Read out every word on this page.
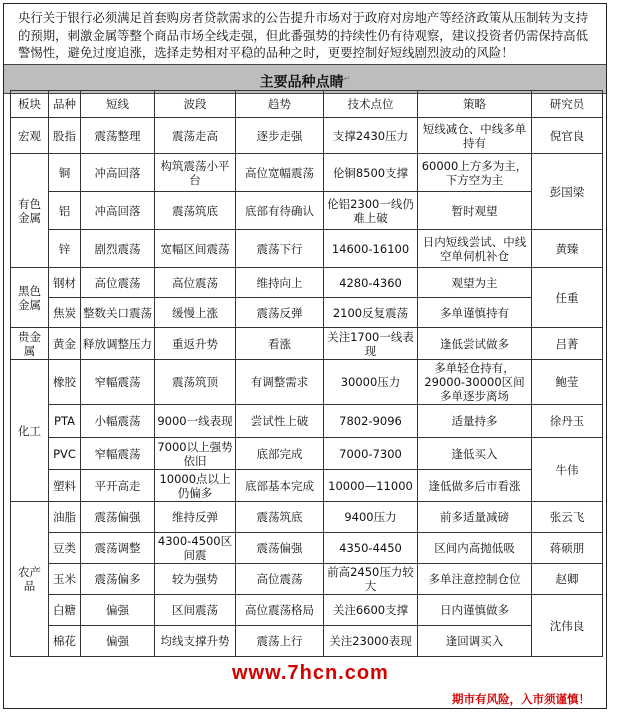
央行关于银行必须满足首套购房者贷款需求的公告提升市场对于政府对房地产等经济政策从压制转为支持的预期，刺激金属等整个商品市场全线走强，但此番强势的持续性仍有待观察，建议投资者仍需保持高低警惕性，避免过度追涨，选择走势相对平稳的品种之时，更要控制好短线剧烈波动的风险！
主要品种点睛↵
板块	品种	短线	波段	趋势	技术点位	策略	研究员
宏观	股指	震荡整理	震荡走高	逐步走强	支撑2430压力	短线减仓、中线多单持有	倪官良
有色金属	铜	冲高回落	构筑震荡小平台	高位宽幅震荡	伦铜8500支撑	60000上方多为主，下方空为主	彭国梁
	铝	冲高回落	震荡筑底	底部有待确认	伦铝2300一线仍难上破	暂时观望	
	锌	剧烈震荡	宽幅区间震荡	震荡下行	14600-16100	日内短线尝试、中线空单伺机补仓	黄臻
黑色金属	钢材	高位震荡	高位震荡	维持向上	4280-4360	观望为主	任重
	焦炭	整数关口震荡	缓慢上涨	震荡反弹	2100反复震荡	多单谨慎持有	
贵金属	黄金	释放调整压力	重返升势	看涨	关注1700一线表现	逢低尝试做多	吕菁
化工	橡胶	窄幅震荡	震荡筑顶	有调整需求	30000压力	多单轻仓持有，29000-30000区间多单逐步离场	鲍莹
	PTA	小幅震荡	9000一线表现	尝试性上破	7802-9096	适量持多	徐丹玉
	PVC	窄幅震荡	7000以上强势依旧	底部完成	7000-7300	逢低买入	牛伟
	塑料	平开高走	10000点以上仍偏多	底部基本完成	10000—11000	逢低做多后市看涨	
农产品	油脂	震荡偏强	维持反弹	震荡筑底	9400压力	前多适量减磅	张云飞
	豆类	震荡调整	4300-4500区间震	震荡偏强	4350-4450	区间内高抛低吸	蒋硕朋
	玉米	震荡偏多	较为强势	高位震荡	前高2450压力较大	多单注意控制仓位	赵卿
	白糖	偏强	区间震荡	高位震荡格局	关注6600支撑	日内谨慎做多	沈伟良
	棉花	偏强	均线支撑升势	震荡上行	关注23000表现	逢回调买入	
www.7hcn.com
期市有风险，入市须谨慎！
